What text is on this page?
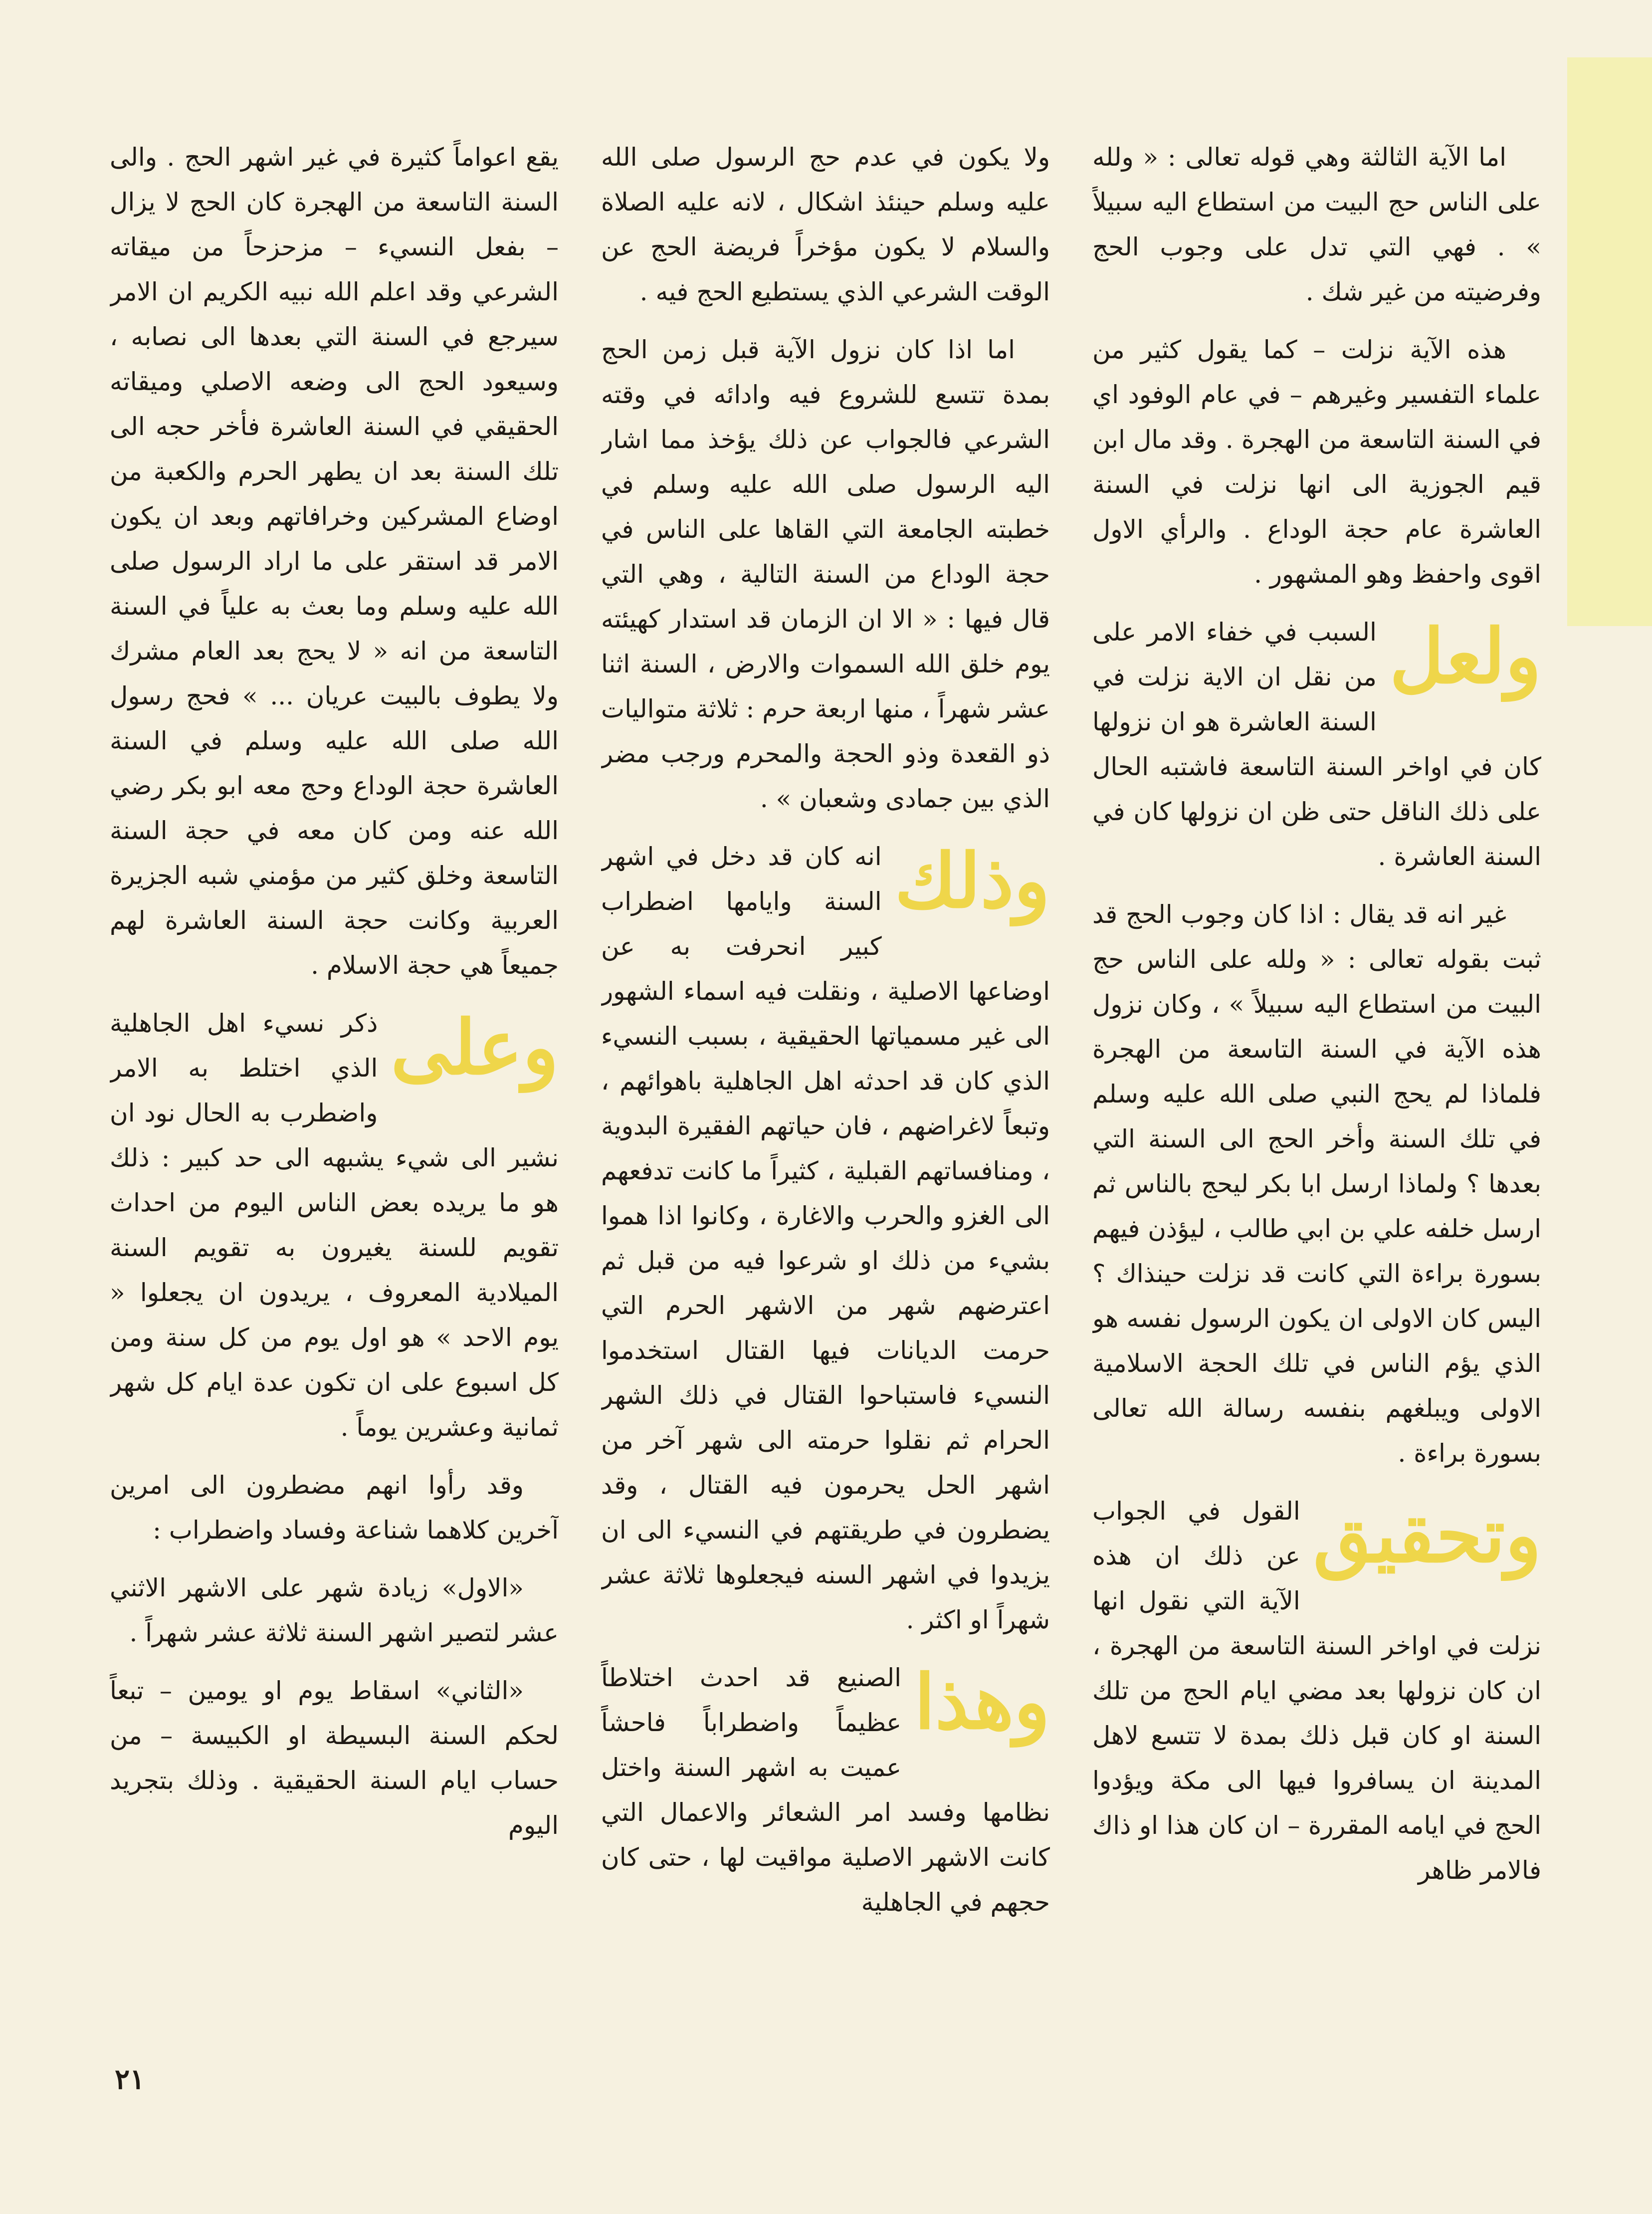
اما الآية الثالثة وهي قوله تعالى : « ولله على الناس حج البيت من استطاع اليه سبيلاً » . فهي التي تدل على وجوب الحج وفرضيته من غير شك .

هذه الآية نزلت – كما يقول كثير من علماء التفسير وغيرهم – في عام الوفود اي في السنة التاسعة من الهجرة . وقد مال ابن قيم الجوزية الى انها نزلت في السنة العاشرة عام حجة الوداع . والرأي الاول اقوى واحفظ وهو المشهور .

ولعل
السبب في خفاء الامر على من نقل ان الاية نزلت في السنة العاشرة هو ان نزولها كان في اواخر السنة التاسعة فاشتبه الحال على ذلك الناقل حتى ظن ان نزولها كان في السنة العاشرة .

غير انه قد يقال : اذا كان وجوب الحج قد ثبت بقوله تعالى : « ولله على الناس حج البيت من استطاع اليه سبيلاً » ، وكان نزول هذه الآية في السنة التاسعة من الهجرة فلماذا لم يحج النبي صلى الله عليه وسلم في تلك السنة وأخر الحج الى السنة التي بعدها ؟ ولماذا ارسل ابا بكر ليحج بالناس ثم ارسل خلفه علي بن ابي طالب ، ليؤذن فيهم بسورة براءة التي كانت قد نزلت حينذاك ؟ اليس كان الاولى ان يكون الرسول نفسه هو الذي يؤم الناس في تلك الحجة الاسلامية الاولى ويبلغهم بنفسه رسالة الله تعالى بسورة براءة .

وتحقيق
القول في الجواب عن ذلك ان هذه الآية التي نقول انها نزلت في اواخر السنة التاسعة من الهجرة ، ان كان نزولها بعد مضي ايام الحج من تلك السنة او كان قبل ذلك بمدة لا تتسع لاهل المدينة ان يسافروا فيها الى مكة ويؤدوا الحج في ايامه المقررة – ان كان هذا او ذاك فالامر ظاهر

ولا يكون في عدم حج الرسول صلى الله عليه وسلم حينئذ اشكال ، لانه عليه الصلاة والسلام لا يكون مؤخراً فريضة الحج عن الوقت الشرعي الذي يستطيع الحج فيه .

اما اذا كان نزول الآية قبل زمن الحج بمدة تتسع للشروع فيه وادائه في وقته الشرعي فالجواب عن ذلك يؤخذ مما اشار اليه الرسول صلى الله عليه وسلم في خطبته الجامعة التي القاها على الناس في حجة الوداع من السنة التالية ، وهي التي قال فيها : « الا ان الزمان قد استدار كهيئته يوم خلق الله السموات والارض ، السنة اثنا عشر شهراً ، منها اربعة حرم : ثلاثة متواليات ذو القعدة وذو الحجة والمحرم ورجب مضر الذي بين جمادى وشعبان » .

وذلك
انه كان قد دخل في اشهر السنة وايامها اضطراب كبير انحرفت به عن اوضاعها الاصلية ، ونقلت فيه اسماء الشهور الى غير مسمياتها الحقيقية ، بسبب النسيء الذي كان قد احدثه اهل الجاهلية باهوائهم ، وتبعاً لاغراضهم ، فان حياتهم الفقيرة البدوية ، ومنافساتهم القبلية ، كثيراً ما كانت تدفعهم الى الغزو والحرب والاغارة ، وكانوا اذا هموا بشيء من ذلك او شرعوا فيه من قبل ثم اعترضهم شهر من الاشهر الحرم التي حرمت الديانات فيها القتال استخدموا النسيء فاستباحوا القتال في ذلك الشهر الحرام ثم نقلوا حرمته الى شهر آخر من اشهر الحل يحرمون فيه القتال ، وقد يضطرون في طريقتهم في النسيء الى ان يزيدوا في اشهر السنه فيجعلوها ثلاثة عشر شهراً او اكثر .
وهذا
الصنيع قد احدث اختلاطاً عظيماً واضطراباً فاحشاً عميت به اشهر السنة واختل نظامها وفسد امر الشعائر والاعمال التي كانت الاشهر الاصلية مواقيت لها ، حتى كان حجهم في الجاهلية

يقع اعواماً كثيرة في غير اشهر الحج . والى السنة التاسعة من الهجرة كان الحج لا يزال – بفعل النسيء – مزحزحاً من ميقاته الشرعي وقد اعلم الله نبيه الكريم ان الامر سيرجع في السنة التي بعدها الى نصابه ، وسيعود الحج الى وضعه الاصلي وميقاته الحقيقي في السنة العاشرة فأخر حجه الى تلك السنة بعد ان يطهر الحرم والكعبة من اوضاع المشركين وخرافاتهم وبعد ان يكون الامر قد استقر على ما اراد الرسول صلى الله عليه وسلم وما بعث به علياً في السنة التاسعة من انه « لا يحج بعد العام مشرك ولا يطوف بالبيت عريان ... » فحج رسول الله صلى الله عليه وسلم في السنة العاشرة حجة الوداع وحج معه ابو بكر رضي الله عنه ومن كان معه في حجة السنة التاسعة وخلق كثير من مؤمني شبه الجزيرة العربية وكانت حجة السنة العاشرة لهم جميعاً هي حجة الاسلام .

وعلى
ذكر نسيء اهل الجاهلية الذي اختلط به الامر واضطرب به الحال نود ان نشير الى شيء يشبهه الى حد كبير : ذلك هو ما يريده بعض الناس اليوم من احداث تقويم للسنة يغيرون به تقويم السنة الميلادية المعروف ، يريدون ان يجعلوا « يوم الاحد » هو اول يوم من كل سنة ومن كل اسبوع على ان تكون عدة ايام كل شهر ثمانية وعشرين يوماً .

وقد رأوا انهم مضطرون الى امرين آخرين كلاهما شناعة وفساد واضطراب :

«الاول» زيادة شهر على الاشهر الاثني عشر لتصير اشهر السنة ثلاثة عشر شهراً .

«الثاني» اسقاط يوم او يومين – تبعاً لحكم السنة البسيطة او الكبيسة – من حساب ايام السنة الحقيقية . وذلك بتجريد اليوم

٢١
